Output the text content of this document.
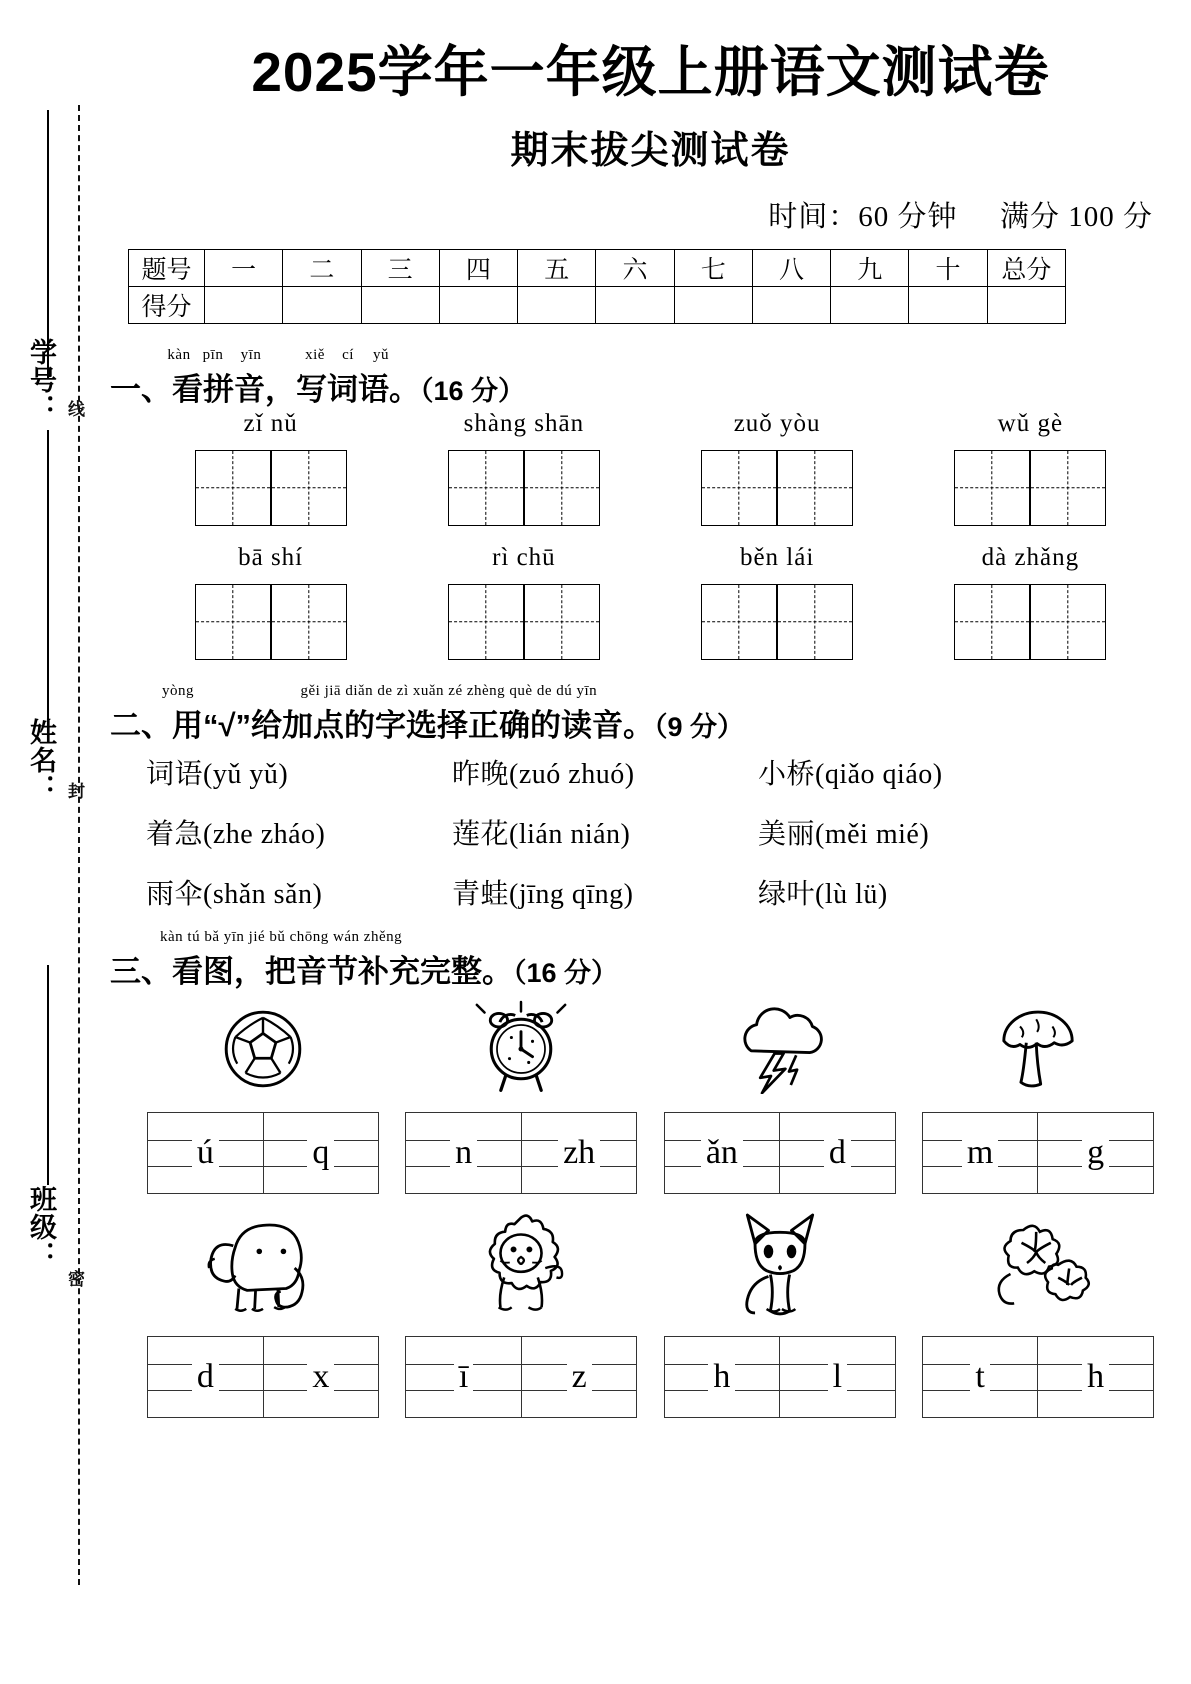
学号： 线
姓名： 封
班级：
密
2025学年一年级上册语文测试卷
期末拔尖测试卷
时间：60 分钟 满分 100 分
题号	一	二	三	四	五	六	七	八	九	十	总分
得分											
kàn pīn yīn	xiě cí yǔ
一、看拼音，写词语。（16 分）
zǐ nǔ	shàng shān	zuǒ yòu	wǔ gè
bā shí	rì chū	běn lái	dà zhǎng
yòng	gěi jiā diǎn de zì xuǎn zé zhèng què de dú yīn
二、用“√”给加点的字选择正确的读音。（9 分）
词语(yǔ yǔ)	昨晚(zuó zhuó)	小桥(qiǎo qiáo)
着急(zhe zháo)	莲花(lián nián)	美丽(měi mié)
雨伞(shǎn sǎn)	青蛙(jīng qīng)	绿叶(lù lü)
kàn tú bǎ yīn jié bǔ chōng wán zhěng
三、看图，把音节补充完整。（16 分）
ú	q	n	zh	ǎn	d	m	g
d	x	ī	z	h	l	t	h
